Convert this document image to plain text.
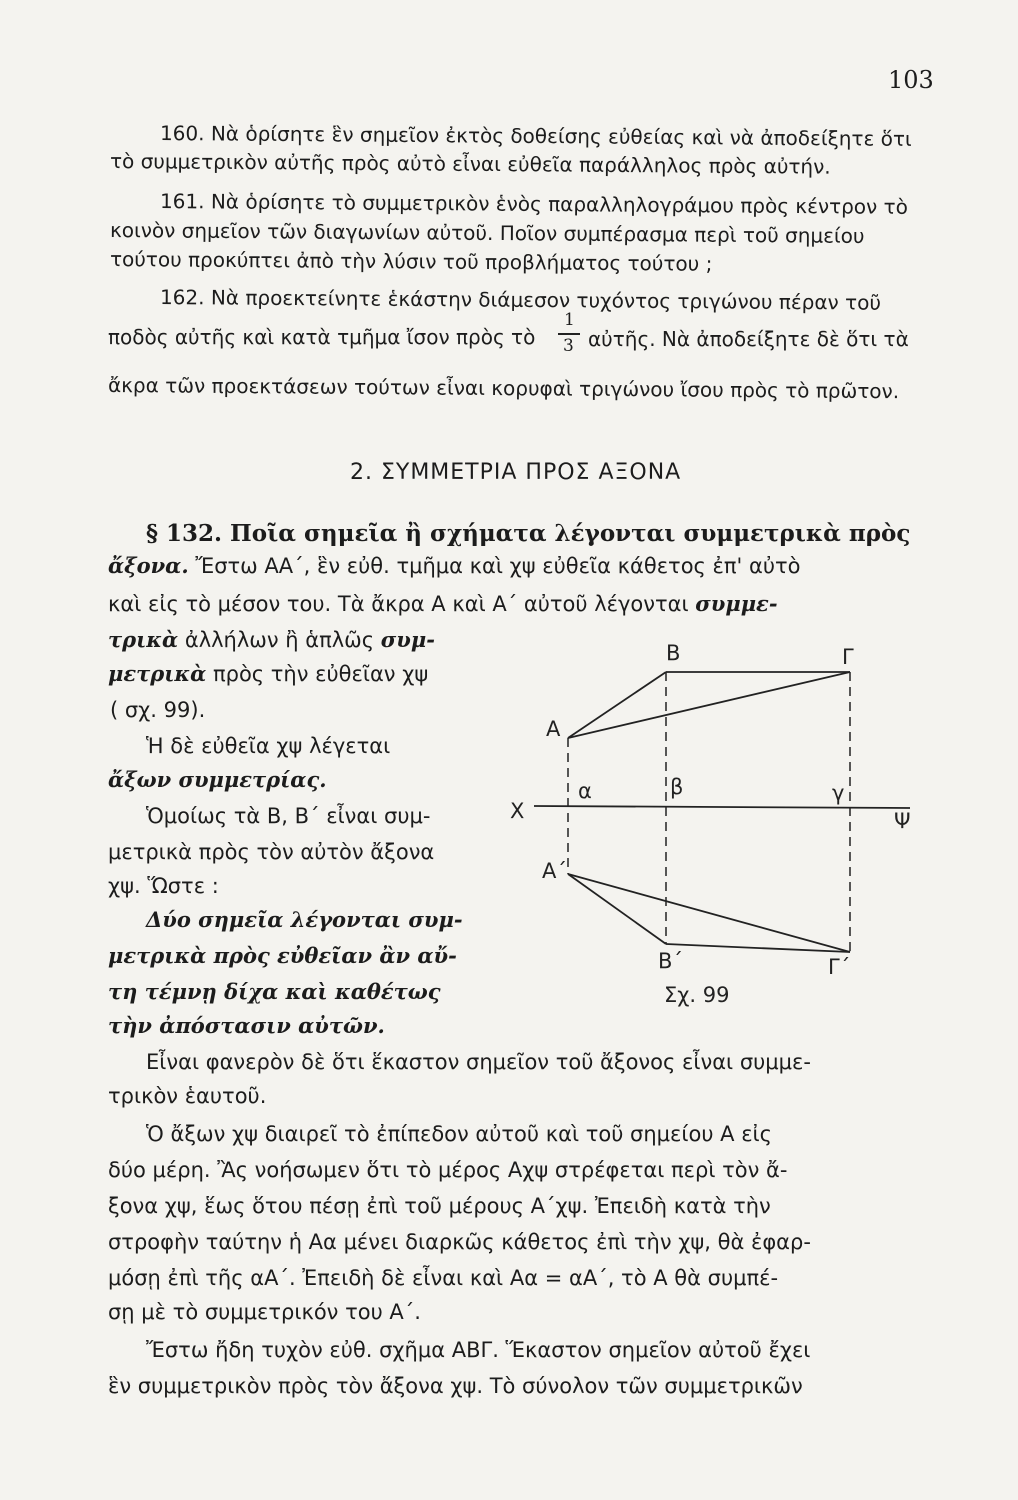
103
160. Νὰ ὁρίσητε ἓν σημεῖον ἐκτὸς δοθείσης εὐθείας καὶ νὰ ἀποδείξητε ὅτι
τὸ συμμετρικὸν αὐτῆς πρὸς αὐτὸ εἶναι εὐθεῖα παράλληλος πρὸς αὐτήν.
161. Νὰ ὁρίσητε τὸ συμμετρικὸν ἑνὸς παραλληλογράμου πρὸς κέντρον τὸ
κοινὸν σημεῖον τῶν διαγωνίων αὐτοῦ. Ποῖον συμπέρασμα περὶ τοῦ σημείου
τούτου προκύπτει ἀπὸ τὴν λύσιν τοῦ προβλήματος τούτου ;
162. Νὰ προεκτείνητε ἑκάστην διάμεσον τυχόντος τριγώνου πέραν τοῦ
ποδὸς αὐτῆς καὶ κατὰ τμῆμα ἴσον πρὸς τὸ
1
3 αὐτῆς. Νὰ ἀποδείξητε δὲ ὅτι τὰ
ἄκρα τῶν προεκτάσεων τούτων εἶναι κορυφαὶ τριγώνου ἴσου πρὸς τὸ πρῶτον.
2. ΣΥΜΜΕΤΡΙΑ ΠΡΟΣ ΑΞΟΝΑ
§ 132. Ποῖα σημεῖα ἢ σχήματα λέγονται συμμετρικὰ πρὸς
ἄξονα. Ἔστω ΑΑ΄, ἓν εὐθ. τμῆμα καὶ χψ εὐθεῖα κάθετος ἐπ' αὐτὸ
καὶ εἰς τὸ μέσον του. Τὰ ἄκρα Α καὶ Α΄ αὐτοῦ λέγονται συμμε-
τρικὰ ἀλλήλων ἢ ἁπλῶς συμ-
μετρικὰ πρὸς τὴν εὐθεῖαν χψ
( σχ. 99).
Ἡ δὲ εὐθεῖα χψ λέγεται
ἄξων συμμετρίας.
Ὁμοίως τὰ Β, Β΄ εἶναι συμ-
μετρικὰ πρὸς τὸν αὐτὸν ἄξονα
χψ. Ὥστε :
Δύο σημεῖα λέγονται συμ-
μετρικὰ πρὸς εὐθεῖαν ἂν αὔ-
τη τέμνῃ δίχα καὶ καθέτως
τὴν ἀπόστασιν αὐτῶν.
Εἶναι φανερὸν δὲ ὅτι ἕκαστον σημεῖον τοῦ ἄξονος εἶναι συμμε-
τρικὸν ἑαυτοῦ.
Ὁ ἄξων χψ διαιρεῖ τὸ ἐπίπεδον αὐτοῦ καὶ τοῦ σημείου Α εἰς
δύο μέρη. Ἂς νοήσωμεν ὅτι τὸ μέρος Αχψ στρέφεται περὶ τὸν ἄ-
ξονα χψ, ἕως ὅτου πέσῃ ἐπὶ τοῦ μέρους Α΄χψ. Ἐπειδὴ κατὰ τὴν
στροφὴν ταύτην ἡ Αα μένει διαρκῶς κάθετος ἐπὶ τὴν χψ, θὰ ἐφαρ-
μόσῃ ἐπὶ τῆς αΑ΄. Ἐπειδὴ δὲ εἶναι καὶ Αα = αΑ΄, τὸ Α θὰ συμπέ-
σῃ μὲ τὸ συμμετρικόν του Α΄.
Ἔστω ἤδη τυχὸν εὐθ. σχῆμα ΑΒΓ. Ἕκαστον σημεῖον αὐτοῦ ἔχει
ἓν συμμετρικὸν πρὸς τὸν ἄξονα χψ. Τὸ σύνολον τῶν συμμετρικῶν
Β	Γ
Α
α	β	γ
Χ	Ψ
Α΄
Β΄	Γ΄
Σχ. 99
